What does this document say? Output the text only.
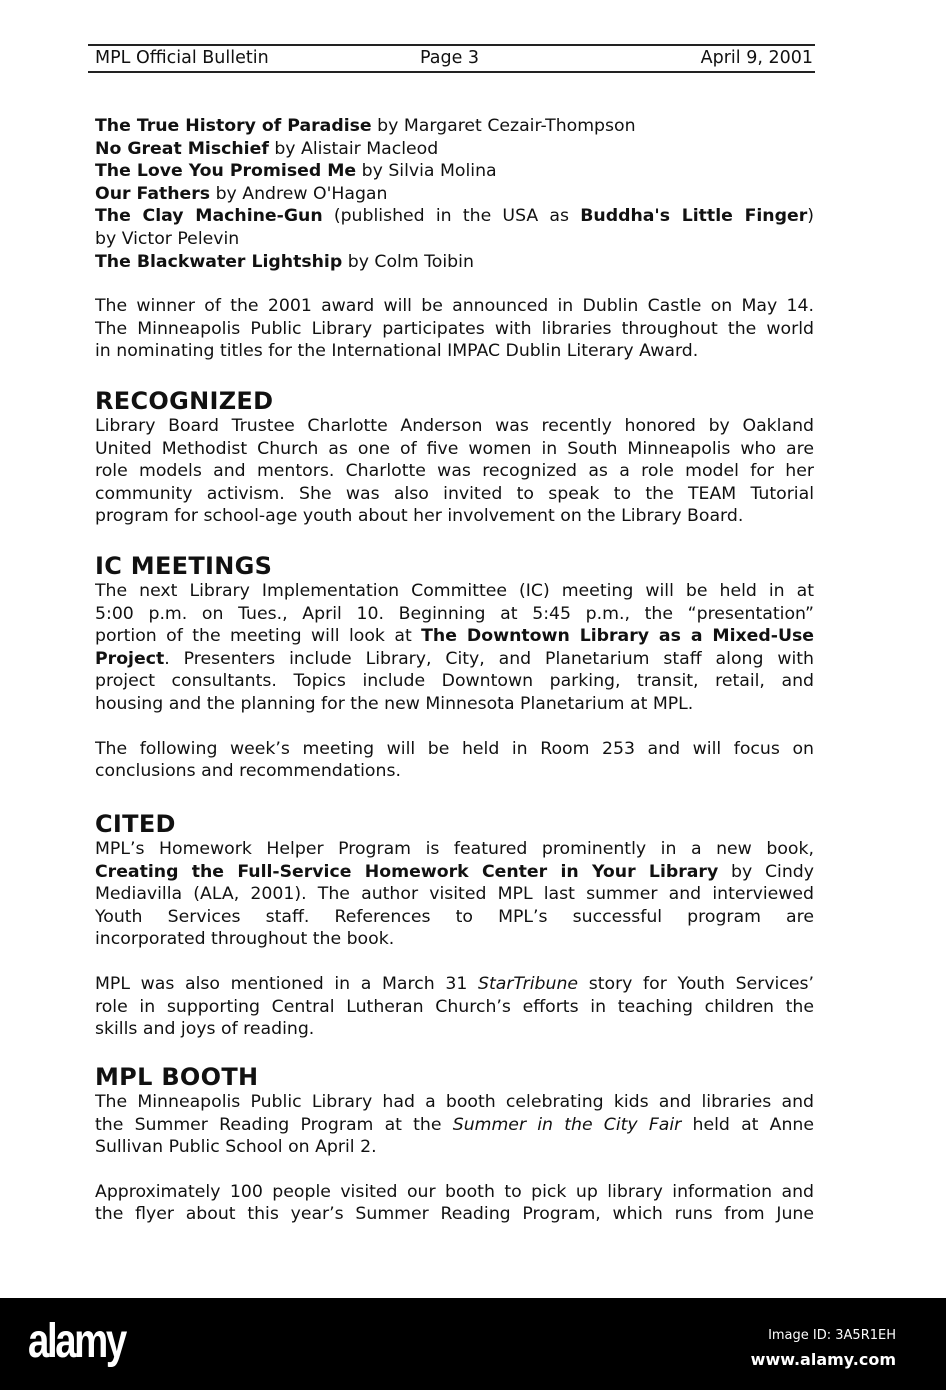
MPL Official Bulletin	Page 3	April 9, 2001
The True History of Paradise by Margaret Cezair-Thompson
No Great Mischief by Alistair Macleod
The Love You Promised Me by Silvia Molina
Our Fathers by Andrew O'Hagan
The Clay Machine-Gun (published in the USA as Buddha's Little Finger)
by Victor Pelevin
The Blackwater Lightship by Colm Toibin
The winner of the 2001 award will be announced in Dublin Castle on May 14.
The Minneapolis Public Library participates with libraries throughout the world
in nominating titles for the International IMPAC Dublin Literary Award.
RECOGNIZED
Library Board Trustee Charlotte Anderson was recently honored by Oakland
United Methodist Church as one of five women in South Minneapolis who are
role models and mentors. Charlotte was recognized as a role model for her
community activism. She was also invited to speak to the TEAM Tutorial
program for school-age youth about her involvement on the Library Board.
IC MEETINGS
The next Library Implementation Committee (IC) meeting will be held in at
5:00 p.m. on Tues., April 10. Beginning at 5:45 p.m., the “presentation”
portion of the meeting will look at The Downtown Library as a Mixed-Use
Project. Presenters include Library, City, and Planetarium staff along with
project consultants. Topics include Downtown parking, transit, retail, and
housing and the planning for the new Minnesota Planetarium at MPL.
The following week’s meeting will be held in Room 253 and will focus on
conclusions and recommendations.
CITED
MPL’s Homework Helper Program is featured prominently in a new book,
Creating the Full-Service Homework Center in Your Library by Cindy
Mediavilla (ALA, 2001). The author visited MPL last summer and interviewed
Youth Services staff. References to MPL’s successful program are
incorporated throughout the book.
MPL was also mentioned in a March 31 StarTribune story for Youth Services’
role in supporting Central Lutheran Church’s efforts in teaching children the
skills and joys of reading.
MPL BOOTH
The Minneapolis Public Library had a booth celebrating kids and libraries and
the Summer Reading Program at the Summer in the City Fair held at Anne
Sullivan Public School on April 2.
Approximately 100 people visited our booth to pick up library information and
the flyer about this year’s Summer Reading Program, which runs from June
alamy	Image ID: 3A5R1EH
www.alamy.com
